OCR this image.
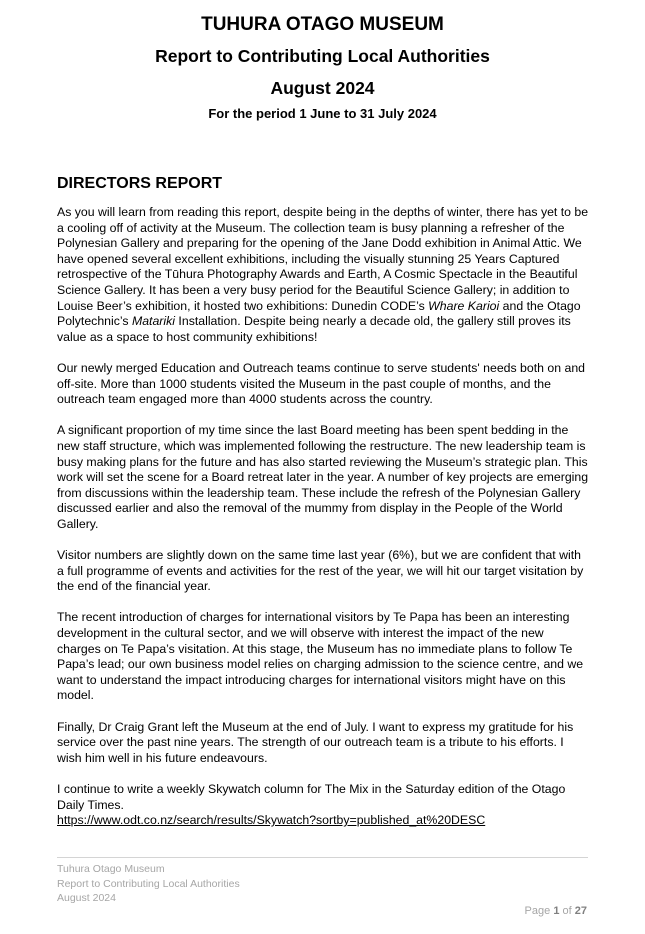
TUHURA OTAGO MUSEUM
Report to Contributing Local Authorities
August 2024
For the period 1 June to 31 July 2024
DIRECTORS REPORT

As you will learn from reading this report, despite being in the depths of winter, there has yet to be a cooling off of activity at the Museum. The collection team is busy planning a refresher of the Polynesian Gallery and preparing for the opening of the Jane Dodd exhibition in Animal Attic. We have opened several excellent exhibitions, including the visually stunning 25 Years Captured retrospective of the Tūhura Photography Awards and Earth, A Cosmic Spectacle in the Beautiful Science Gallery. It has been a very busy period for the Beautiful Science Gallery; in addition to Louise Beer’s exhibition, it hosted two exhibitions: Dunedin CODE’s Whare Karioi and the Otago Polytechnic’s Matariki Installation. Despite being nearly a decade old, the gallery still proves its value as a space to host community exhibitions!

Our newly merged Education and Outreach teams continue to serve students' needs both on and off-site. More than 1000 students visited the Museum in the past couple of months, and the outreach team engaged more than 4000 students across the country.

A significant proportion of my time since the last Board meeting has been spent bedding in the new staff structure, which was implemented following the restructure. The new leadership team is busy making plans for the future and has also started reviewing the Museum’s strategic plan. This work will set the scene for a Board retreat later in the year. A number of key projects are emerging from discussions within the leadership team. These include the refresh of the Polynesian Gallery discussed earlier and also the removal of the mummy from display in the People of the World Gallery.

Visitor numbers are slightly down on the same time last year (6%), but we are confident that with a full programme of events and activities for the rest of the year, we will hit our target visitation by the end of the financial year.

The recent introduction of charges for international visitors by Te Papa has been an interesting development in the cultural sector, and we will observe with interest the impact of the new charges on Te Papa’s visitation. At this stage, the Museum has no immediate plans to follow Te Papa’s lead; our own business model relies on charging admission to the science centre, and we want to understand the impact introducing charges for international visitors might have on this model.

Finally, Dr Craig Grant left the Museum at the end of July. I want to express my gratitude for his service over the past nine years. The strength of our outreach team is a tribute to his efforts. I wish him well in his future endeavours.

I continue to write a weekly Skywatch column for The Mix in the Saturday edition of the Otago Daily Times.
https://www.odt.co.nz/search/results/Skywatch?sortby=published_at%20DESC

Tuhura Otago Museum
Report to Contributing Local Authorities
August 2024
Page 1 of 27
